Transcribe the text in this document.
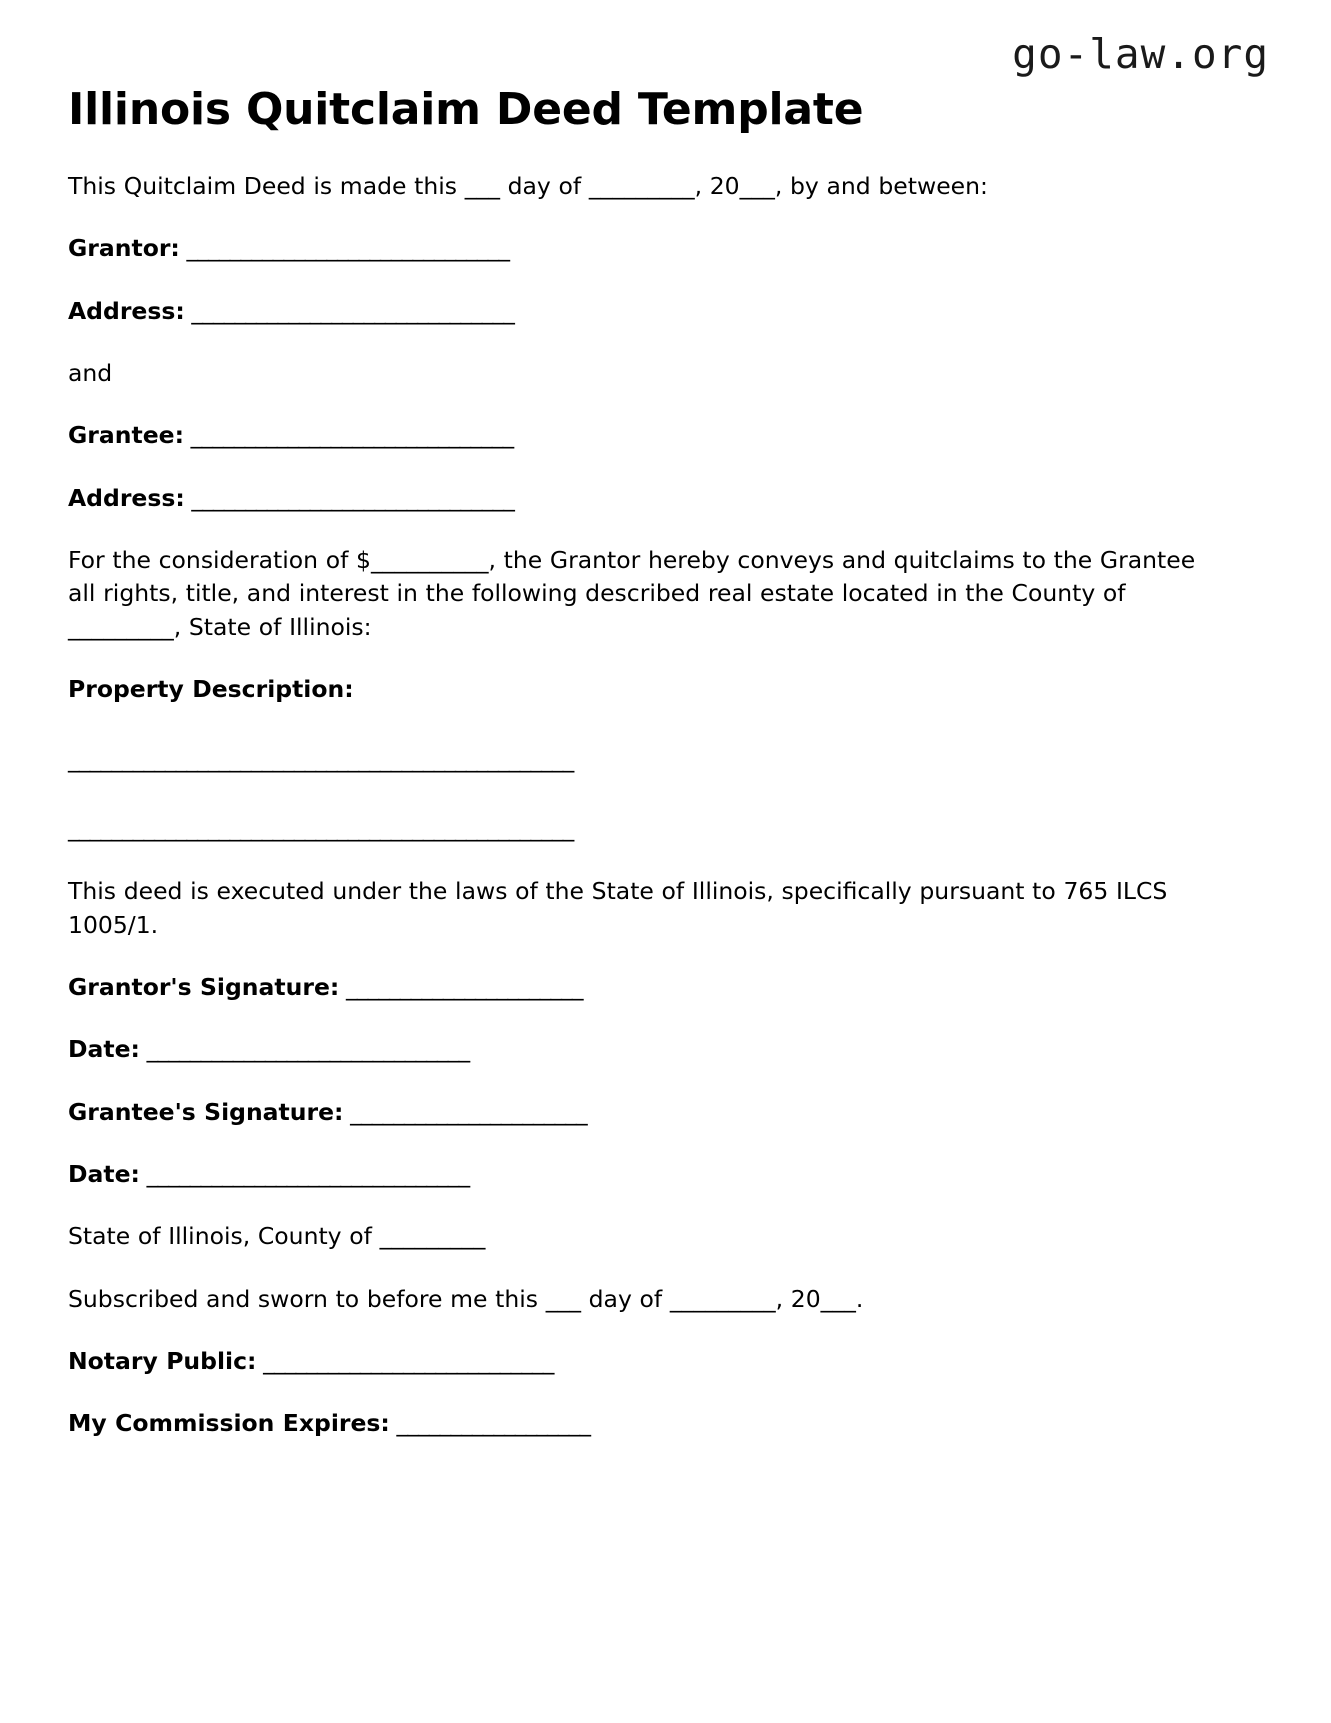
go-law.org
Illinois Quitclaim Deed Template

This Quitclaim Deed is made this ___ day of _________, 20___, by and between:

Grantor: ______________________________

Address: ______________________________

and

Grantee: ______________________________

Address: ______________________________

For the consideration of $__________, the Grantor hereby conveys and quitclaims to the Grantee all rights, title, and interest in the following described real estate located in the County of _________, State of Illinois:

Property Description:

_______________________________________________

_______________________________________________

This deed is executed under the laws of the State of Illinois, specifically pursuant to 765 ILCS 1005/1.

Grantor's Signature: ______________________

Date: ______________________________

Grantee's Signature: ______________________

Date: ______________________________

State of Illinois, County of _________

Subscribed and sworn to before me this ___ day of _________, 20___.

Notary Public: ___________________________

My Commission Expires: __________________
